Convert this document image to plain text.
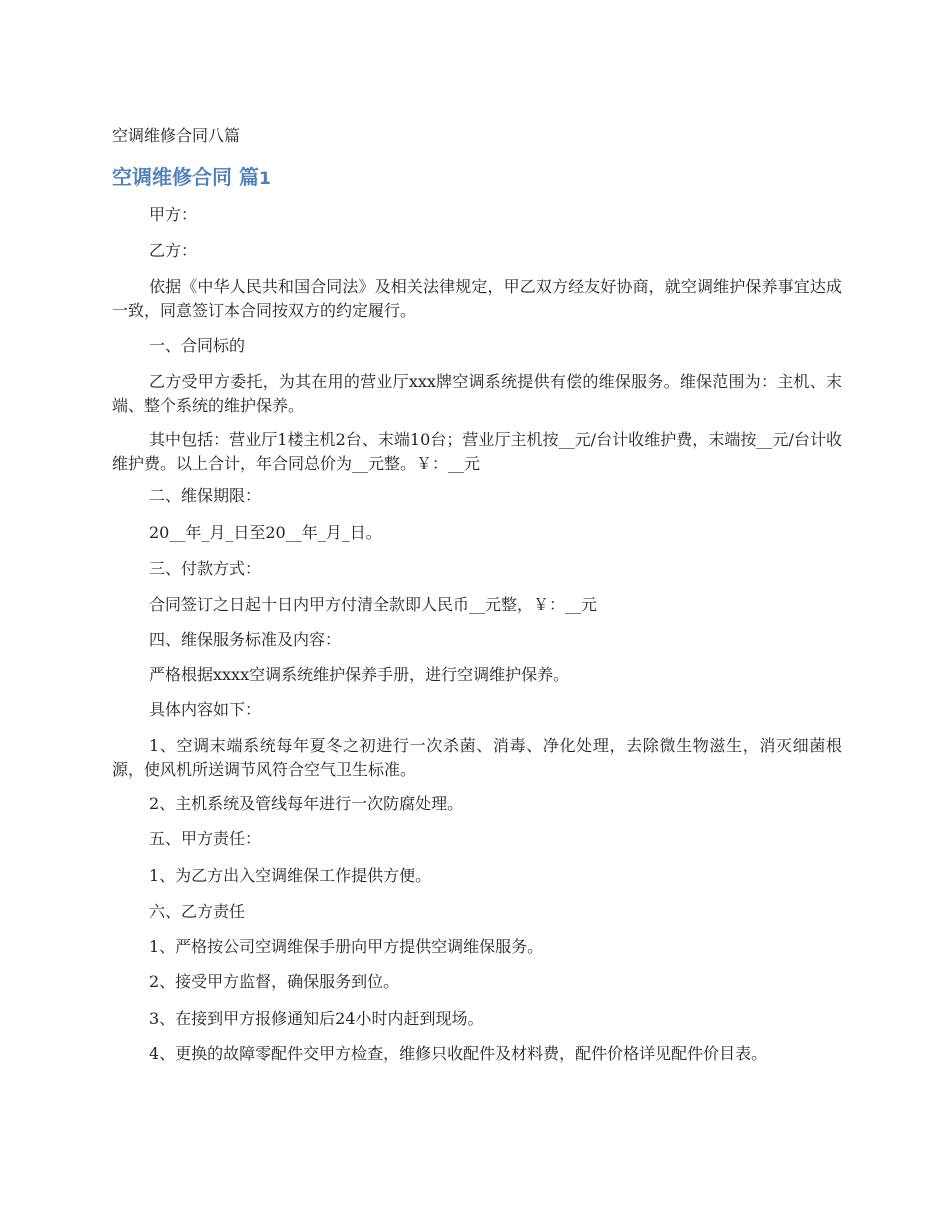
空调维修合同八篇
空调维修合同 篇1

甲方：

乙方：

依据《中华人民共和国合同法》及相关法律规定，甲乙双方经友好协商，就空调维护保养事宜达成一致，同意签订本合同按双方的约定履行。

一、合同标的

乙方受甲方委托，为其在用的营业厅xxx牌空调系统提供有偿的维保服务。维保范围为：主机、末端、整个系统的维护保养。

其中包括：营业厅1楼主机2台、末端10台；营业厅主机按__元/台计收维护费，末端按__元/台计收维护费。以上合计，年合同总价为__元整。￥：__元

二、维保期限：

20__年_月_日至20__年_月_日。

三、付款方式：

合同签订之日起十日内甲方付清全款即人民币__元整，￥：__元

四、维保服务标准及内容：

严格根据xxxx空调系统维护保养手册，进行空调维护保养。

具体内容如下：

1、空调末端系统每年夏冬之初进行一次杀菌、消毒、净化处理，去除微生物滋生，消灭细菌根源，使风机所送调节风符合空气卫生标准。

2、主机系统及管线每年进行一次防腐处理。

五、甲方责任：

1、为乙方出入空调维保工作提供方便。

六、乙方责任

1、严格按公司空调维保手册向甲方提供空调维保服务。

2、接受甲方监督，确保服务到位。

3、在接到甲方报修通知后24小时内赶到现场。

4、更换的故障零配件交甲方检查，维修只收配件及材料费，配件价格详见配件价目表。
